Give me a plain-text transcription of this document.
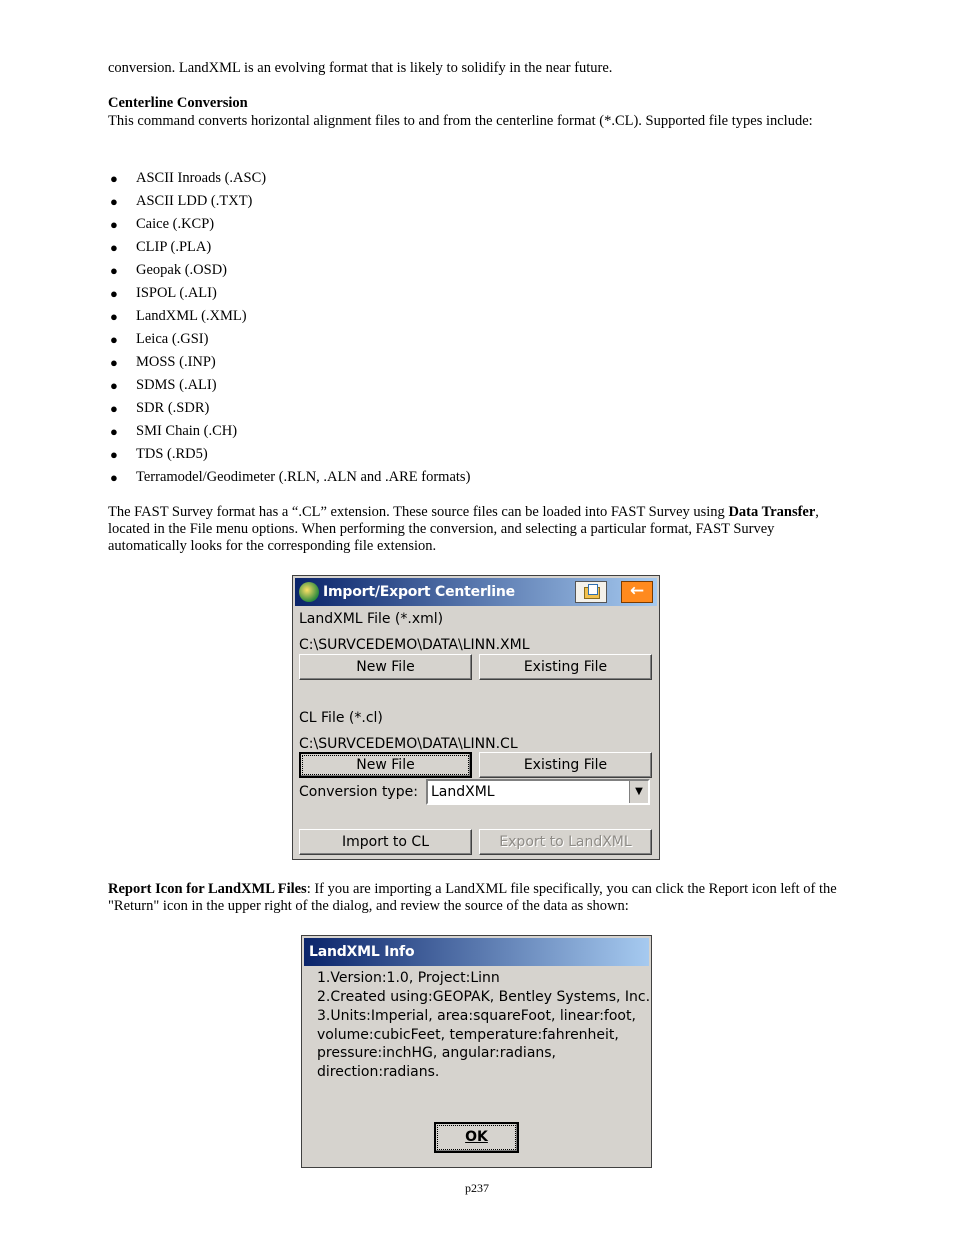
conversion. LandXML is an evolving format that is likely to solidify in the near future.

Centerline Conversion

This command converts horizontal alignment files to and from the centerline format (*.CL). Supported file types include:

● ASCII Inroads (.ASC)
● ASCII LDD (.TXT)
● Caice (.KCP)
● CLIP (.PLA)
● Geopak (.OSD)
● ISPOL (.ALI)
● LandXML (.XML)
● Leica (.GSI)
● MOSS (.INP)
● SDMS (.ALI)
● SDR (.SDR)
● SMI Chain (.CH)
● TDS (.RD5)
● Terramodel/Geodimeter (.RLN, .ALN and .ARE formats)

The FAST Survey format has a “.CL” extension. These source files can be loaded into FAST Survey using Data Transfer, located in the File menu options. When performing the conversion, and selecting a particular format, FAST Survey automatically looks for the corresponding file extension.

Report Icon for LandXML Files: If you are importing a LandXML file specifically, you can click the Report icon left of the "Return" icon in the upper right of the dialog, and review the source of the data as shown:

Import/Export Centerline	←
LandXML File (*.xml)
C:\SURVCEDEMO\DATA\LINN.XML
New File	Existing File
CL File (*.cl)
C:\SURVCEDEMO\DATA\LINN.CL
New File	Existing File
Conversion type: LandXML	▼
Import to CL	Export to LandXML
LandXML Info
1.Version:1.0, Project:Linn
2.Created using:GEOPAK, Bentley Systems, Inc.
3.Units:Imperial, area:squareFoot, linear:foot,
volume:cubicFeet, temperature:fahrenheit,
pressure:inchHG, angular:radians,
direction:radians.
OK
p237
